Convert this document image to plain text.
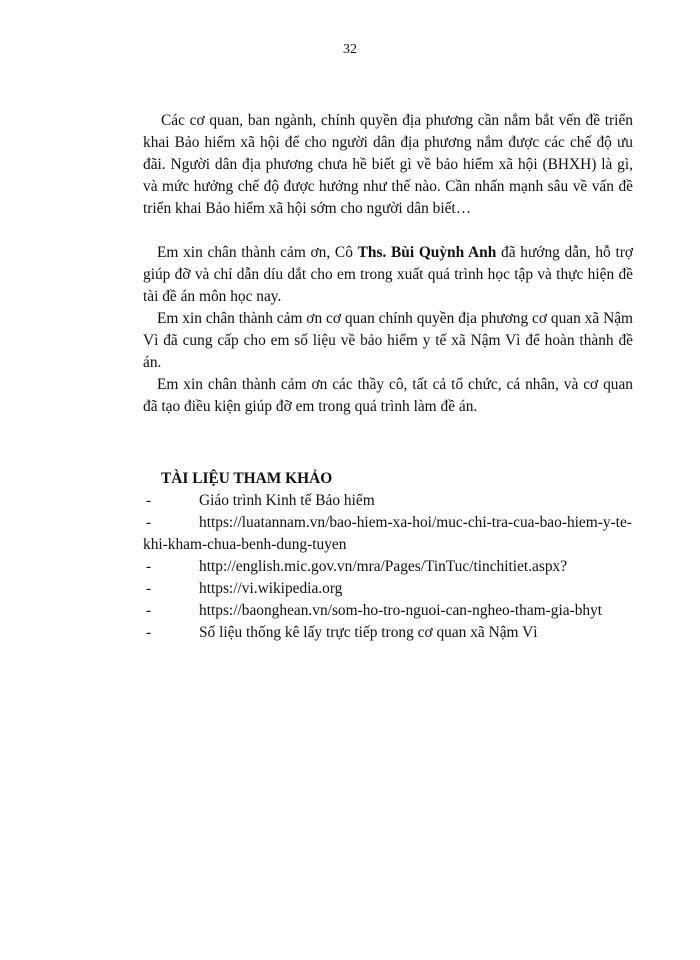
32

Các cơ quan, ban ngành, chính quyền địa phương cần nắm bắt vến đề triển khai Bảo hiểm xã hội để cho người dân địa phương nắm được các chế độ ưu đãi. Người dân địa phương chưa hề biết gì về bảo hiểm xã hội (BHXH) là gì, và mức hưởng chế độ được hưởng như thế nào. Cần nhấn mạnh sâu về vấn đề triển khai Bảo hiểm xã hội sớm cho người dân biết…

Em xin chân thành cảm ơn, Cô Ths. Bùi Quỳnh Anh đã hướng dẫn, hỗ trợ giúp đỡ và chỉ dẫn díu dắt cho em trong xuất quá trình học tập và thực hiện đề tài đề án môn học nay.

Em xin chân thành cảm ơn cơ quan chính quyền địa phương cơ quan xã Nậm Vì đã cung cấp cho em số liệu về bảo hiểm y tế xã Nậm Vì để hoàn thành đề án.

Em xin chân thành cảm ơn các thầy cô, tất cả tổ chức, cá nhân, và cơ quan đã tạo điều kiện giúp đỡ em trong quá trình làm đề án.

TÀI LIỆU THAM KHẢO

-	Giáo trình Kinh tế Bảo hiểm
-	https://luatannam.vn/bao-hiem-xa-hoi/muc-chi-tra-cua-bao-hiem-y-te-khi-kham-chua-benh-dung-tuyen
-	http://english.mic.gov.vn/mra/Pages/TinTuc/tinchitiet.aspx?
-	https://vi.wikipedia.org
-	https://baonghean.vn/som-ho-tro-nguoi-can-ngheo-tham-gia-bhyt
-	Số liệu thống kê lấy trực tiếp trong cơ quan xã Nậm Vì
